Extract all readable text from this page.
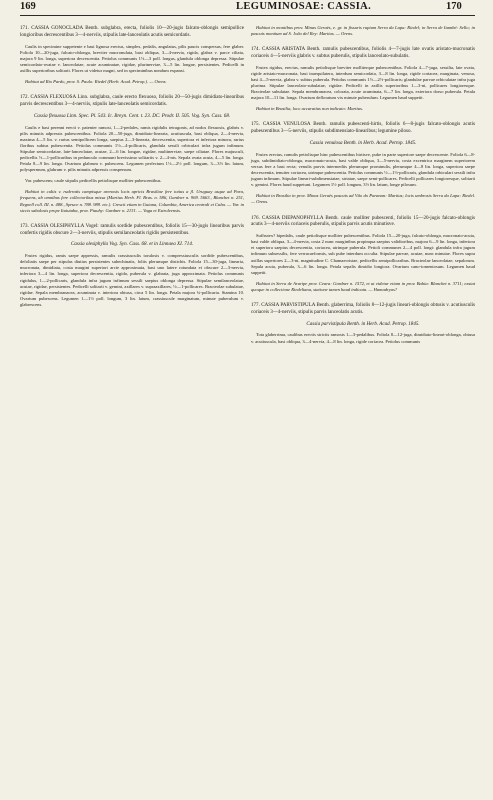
169	LEGUMINOSAE: CASSIA.	170

171. CASSIA GONOCLADA Benth. subglabra, erecta, foliolis 10—20-jugis falcato-oblongis semipollice longioribus decrescentibus 3—4-nerviis, stipulis late-lanceolatis acutis semicordatis.

Caulis in specimine suppetente e basi lignosa erectus, simplex, pedalis, angulatus, pilis paucis conspersus, fere glaber. Foliola 10—20-juga, falcato-oblonga, breviter mucronulata, basi obliqua, 3—4-nervia, rigida, glabra v. parce ciliata, majora 9 lin. longa, superiora decrescentia. Petiolus communis 1½—3 poll. longus, glandula oblonga depressa. Stipulae semicordato-ovatae v. lanceolatae, acute acuminatae, rigidae, plurinerviae, 3—5 lin. longae, persistentes. Pedicelli in axillis superioribus solitarii. Flores ut videtur magni, sed in speciminibus nondum expansi.

Habitat ad Rio Pardo, prov. S. Paulo: Riedel (Herb. Acad. Petrop.). — Orens.

172. CASSIA FLEXUOSA Linn. subglabra, caule erecto flexuoso, foliolis 20—50-jugis dimidiato-linearibus parvis decrescentibus 3—4-nerviis, stipulis late-lanceolatis semicordatis.

Cassia flexuosa Linn. Spec. Pl. 543. Ic. Breyn. Cent. t. 23. DC. Prodr. II. 505. Vog. Syn. Cass. 68.

Caulis e basi perenni erecti v. patenter ramosi, 1—2-pedales, ramis rigidulis tetragonis, ad nodos flexuosis, glabris v. pilis minutis adpressis pubescentibus. Foliola 20—50-juga, dimidiato-linearia, acutiuscula, basi obliqua, 2—4-nervia, maxima 4—5 lin. v. rarius semipollicem longa, saepius 2—3-linearia, decrescentia, superiora et inferiora minora, rarius floribus subtus pubescentia. Petiolus communis 1½—4-pollicaris, glandula sessili orbiculari infra jugum infimum. Stipulae semicordatae, late-lanceolatae, acutae, 2—6 lin. longae, rigidae, multinerviae, saepe ciliatae. Flores majusculi, pedicellis ½—1-pollicaribus in pedunculo communi brevissimo solitariis v. 2—4-nis. Sepala ovata acuta, 4—5 lin. longa. Petala 8—9 lin. longa. Ovarium glabrum v. pubescens. Legumen perfectum 1½—2½ poll. longum, 3—3½ lin. latum, polyspermum, glabrum v. pilis minutis adpressis conspersum.

Var. pubescens; caule stipulis pedicellis petiolisque molliter pubescentibus.

Habitat in cultis v. ruderatis campisque arenosis locis apricis Brasiliae fere totius a fl. Uruguay usque ad Para, frequens, ab omnibus fere collectoribus missa (Martius Herb. Fl. Bras. n. 586, Gardner n. 969. 5663., Blanchet n. 251, Regnell coll. III. n. 488., Spruce n. 788. 989. etc.). Crescit etiam in Guiana, Columbia, America centrali et Cuba. — Var. in siccis sabulosis prope Ituiutaba, prov. Piauhy: Gardner n. 2131. — Vaga et Estroleensis.

173. CASSIA OLESIPHYLLA Vogel: ramulis sordide pubescentibus, foliolis 15—30-jugis linearibus parvis confertis rigidis obscure 2—3-nerviis, stipulis semilanceolatis rigidis persistentibus.

Cassia olesiphylla Vog. Syn. Cass. 68. et in Linnaea XI. 714.

Frutex rigidus, ramis saepe appressis, ramulis crassiusculis torulosis v. compressiusculis sordide pubescentibus, defoliatis saepe per stipulas diutius persistentes subechinatis, foliis plerumque distichis. Foliola 15—30-juga, linearia, mucronata, dimidiata, costa margini superiori arcte approximata, basi uno latere rotundata et obscure 2—3-nervia, inferiora 3—4 lin. longa, superiora decrescentia, rigida, puberula v. glabrata, juga approximata. Petiolus communis rigidulus, 1—2-pollicaris, glandula infra jugum infimum sessili saepius oblonga depressa. Stipulae semilanceolatae, acutae, rigidae, persistentes. Pedicelli solitarii v. gemini, axillares v. supraaxillares, ½—1-pollicares. Bracteolae subulatae, rigidae. Sepala membranacea, acuminata v. interiora obtusa, circa 5 lin. longa. Petala majora ¾-pollicaria. Stamina 10. Ovarium pubescens. Legumen 1—1½ poll. longum, 3 lin. latum, crassiuscule marginatum, minute puberulum v. glabrescens.

Habitat in montibus prov. Minas Geraës, e. gr. in fissuris rupium Serra da Lapa: Riedel; in Serra de Itambé: Sello; in pascuis montium ad S. João del Rey: Martius. — Orens.

174. CASSIA ARISTATA Benth. ramulis pubescentibus, foliolis 4—7-jugis late ovatis aristato-mucronatis coriaceis 4—5-nerviis glabris v. subtus puberulis, stipulis lanceolato-subulatis.

Frutex rigidus, erectus, ramulis petiolisque breviter molliterque pubescentibus. Foliola 4—7-juga, sessilia, late ovata, rigide aristato-mucronata, basi inaequilatera, interdum semicordata, 3—8 lin. longa, rigide coriacea, marginata, venosa, basi 4—5-nervia, glabra v. subtus puberula. Petiolus communis 1½—2½-pollicaris; glandulae parvae orbiculatae infra juga plurima. Stipulae lanceolato-subulatae, rigidae. Pedicelli in axillis superioribus 1—3-ni, pollicares longioresque. Bracteolae subulatae. Sepala membranacea, colorata, acute acuminata, 6—7 lin. longa, exteriora dorso puberula. Petala majora 10—11 lin. longa. Ovarium defloratum vix minute puberulum. Legumen haud suppetit.

Habitat in Brasilia, loco accuratius non indicato: Martius.

175. CASSIA VENULOSA Benth. ramulis pubescenti-hirtis, foliolis 6—8-jugis falcato-oblongis acutis pubescentibus 3—5-nerviis, stipulis subdimensiato-linearibus; legumine piloso.

Cassia venulosa Benth. in Herb. Acad. Petrop. 1845.

Frutex erectus, ramulis petiolisque hinc pubescentibus hirtisve, pube in parte superiore saepe decrescente. Foliola 6—8-juga, subdimidiato-oblonga, mucronato-acuta, basi valde obliqua, 3—5-nervia, costa excentrica marginem superiorem versus fere a basi recta; venulis parvis intermediis plerumque prominulis, plerumque 4—8 lin. longa, superiora saepe decrescentia, tenuiter coriacea, utrinque pubescentia. Petiolus communis ½—1½-pollicaris, glandula orbiculari sessili infra jugum infimum. Stipulae lineari-subdimensiatae, striatae, saepe semi-pollicares. Pedicelli pollicares longioresque, solitarii v. gemini. Flores haud suppetunt. Legumen 1½ poll. longum, 3½ lin. latum, longe pilosum.

Habitat in Brasilia in prov. Minas Geraës pascuis ad Vão do Paranan: Martius; locis umbrosis Serra da Lapa: Riedel. — Orens.

176. CASSIA DIEPANOPHYLLA Benth. caule molliter pubescenti, foliolis 15—20-jugis falcato-oblongis acutis 3—4-nerviis coriaceis puberulis, stipulis parvis acutis minutisve.

Suffrutex? bipedalis, caule petiolisque molliter pubescentibus. Foliola 15—20-juga, falcato-oblonga, mucronato-acuta, basi valde obliqua, 3—4-nervia, costa 2 nunc marginibus propinqua saepius validioribus, majora 6—9 lin. longa, inferiora et superiora saepius decrescentia, coriacea, utrinque puberula. Petioli communes 2—4 poll. longi: glandula infra jugum infimum subsessilis, fere verrucaeformis, sub pube interdum occulta. Stipulae parvae, acutae, nunc minutae. Flores supra axillas superiores 2—3-ni, magnitudine C. Chamaecristae, pedicellis semipollicaribus. Bracteolae lanceolatae, sepalorum. Sepala acuta, puberula, 3—6 lin. longa. Petala sepalis dimidio longiora. Ovarium cano-tomentosum. Legumen haud suppetit.

Habitat in Serra de Araripe prov. Ceara: Gardner n. 1572, et ut videtur etiam in prov. Bahia: Blanchet n. 3711; exstat quoque in collectione Riedeliana, statione tamen haud indicata. — Hamadryas?

177. CASSIA PARVISTIPULA Benth. glaberrima, foliolis 8—12-jugis lineari-oblongis obtusis v. acutiusculis coriaceis 3—4-nerviis, stipulis parvis lanceolatis acutis.

Cassia parvistipula Benth. in Herb. Acad. Petrop. 1845.

Tota glaberrima, caulibus erectis strictis ramosis 1—3-pedalibus. Foliola 8—12-juga, dimidiato-lineari-oblonga, obtusa v. acutiuscula, basi obliqua, 3—4-nervia, 4—8 lin. longa, rigide coriacea. Petiolus communis
